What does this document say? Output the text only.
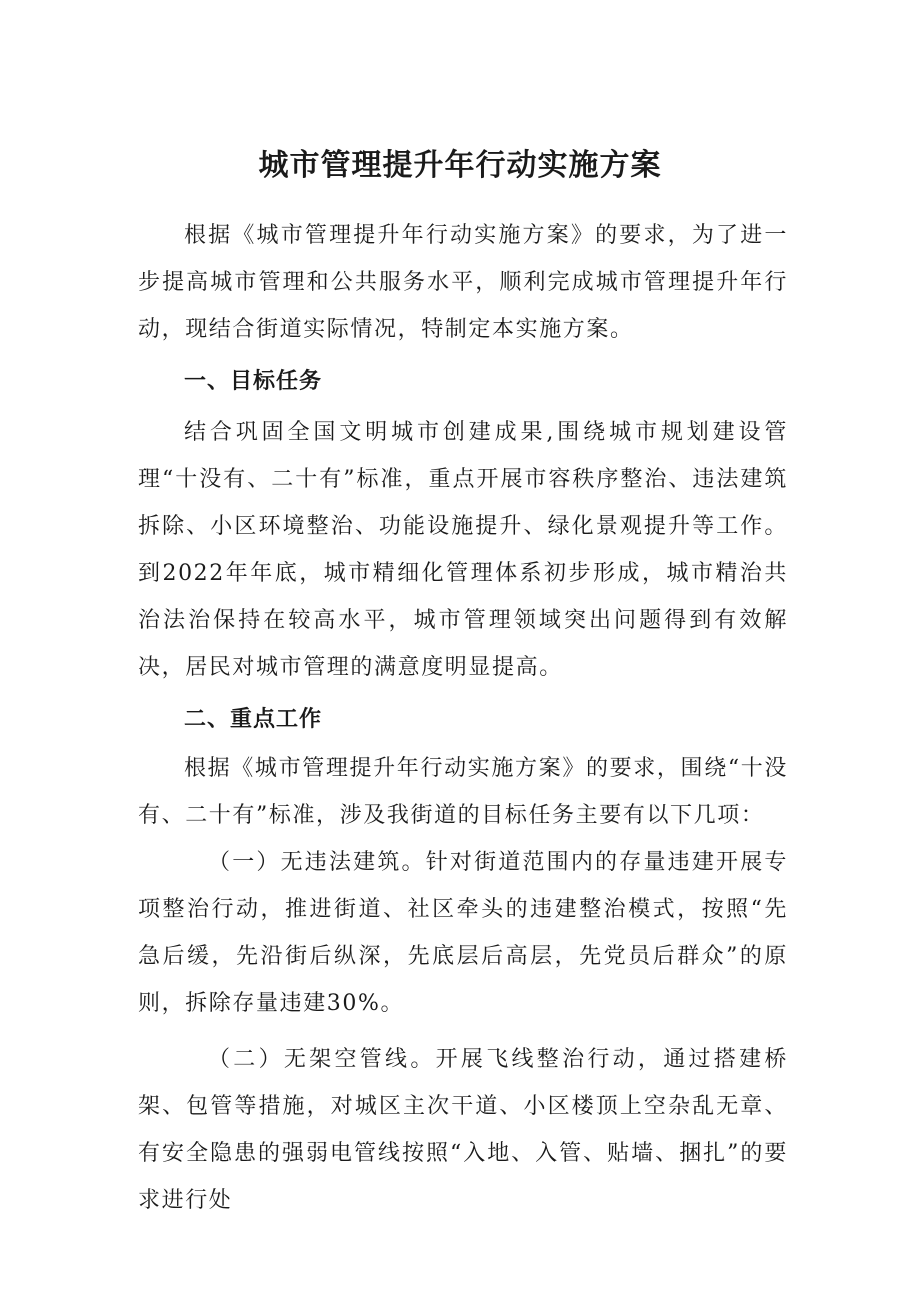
城市管理提升年行动实施方案

根据《城市管理提升年行动实施方案》的要求，为了进一步提高城市管理和公共服务水平，顺利完成城市管理提升年行动，现结合街道实际情况，特制定本实施方案。

一、目标任务

结合巩固全国文明城市创建成果,围绕城市规划建设管理“十没有、二十有”标准，重点开展市容秩序整治、违法建筑拆除、小区环境整治、功能设施提升、绿化景观提升等工作。到2022年年底，城市精细化管理体系初步形成，城市精治共治法治保持在较高水平，城市管理领域突出问题得到有效解决，居民对城市管理的满意度明显提高。

二、重点工作

根据《城市管理提升年行动实施方案》的要求，围绕“十没有、二十有”标准，涉及我街道的目标任务主要有以下几项：

（一）无违法建筑。针对街道范围内的存量违建开展专项整治行动，推进街道、社区牵头的违建整治模式，按照“先急后缓，先沿街后纵深，先底层后高层，先党员后群众”的原则，拆除存量违建30%。

（二）无架空管线。开展飞线整治行动，通过搭建桥架、包管等措施，对城区主次干道、小区楼顶上空杂乱无章、有安全隐患的强弱电管线按照“入地、入管、贴墙、捆扎”的要求进行处
